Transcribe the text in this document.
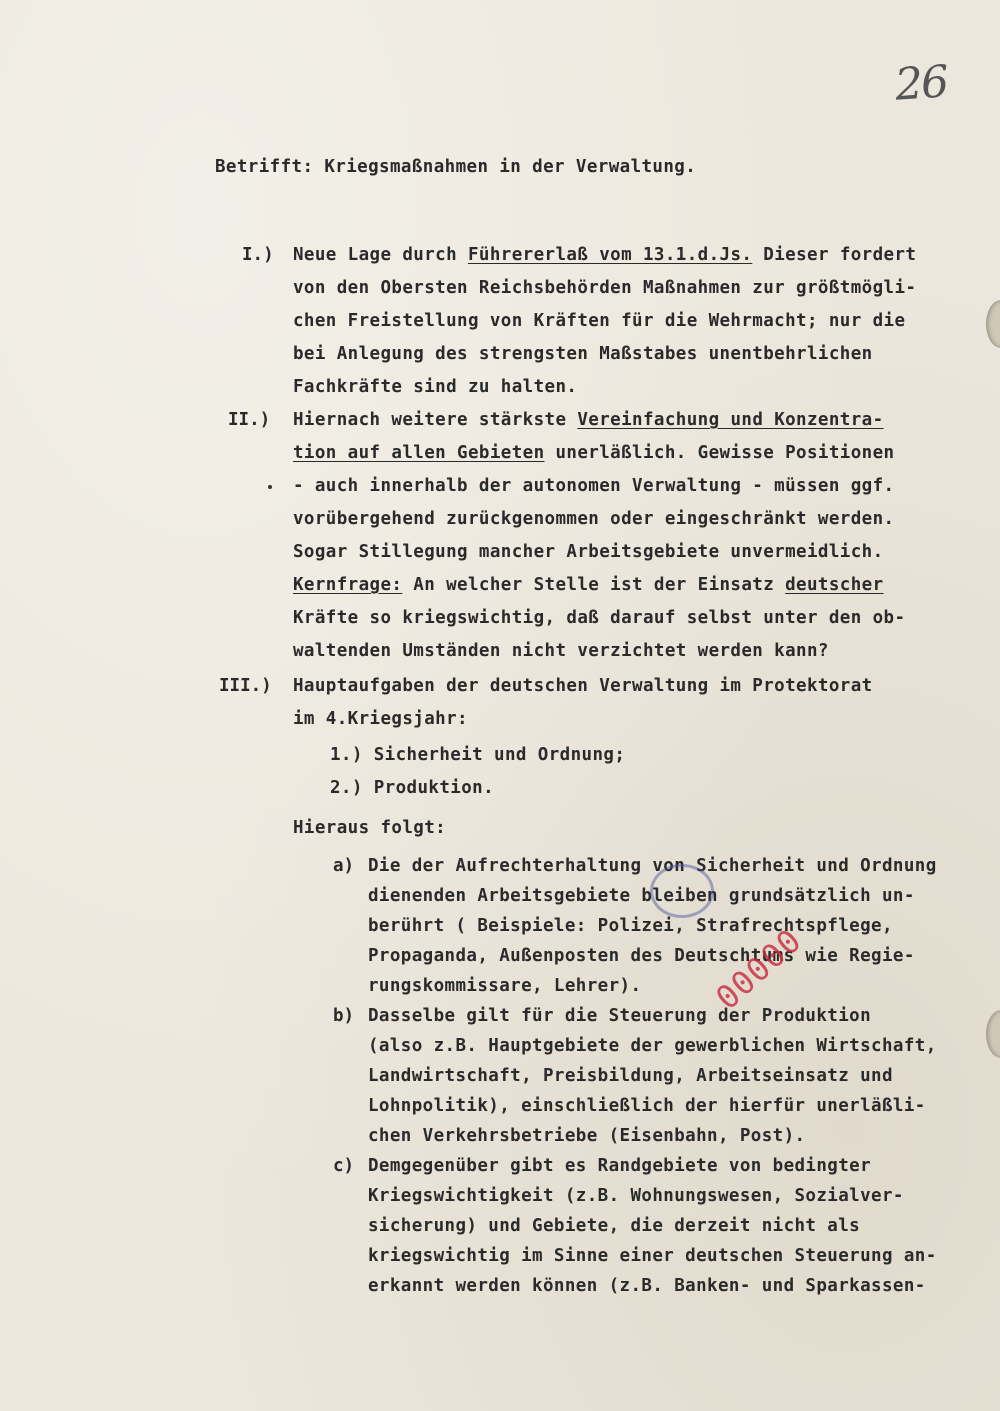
26
Betrifft: Kriegsmaßnahmen in der Verwaltung.
I.) Neue Lage durch Führererlaß vom 13.1.d.Js. Dieser fordert
von den Obersten Reichsbehörden Maßnahmen zur größtmögli-
chen Freistellung von Kräften für die Wehrmacht; nur die
bei Anlegung des strengsten Maßstabes unentbehrlichen
Fachkräfte sind zu halten.
II.) Hiernach weitere stärkste Vereinfachung und Konzentra-
tion auf allen Gebieten unerläßlich. Gewisse Positionen
- auch innerhalb der autonomen Verwaltung - müssen ggf.
vorübergehend zurückgenommen oder eingeschränkt werden.
Sogar Stillegung mancher Arbeitsgebiete unvermeidlich.
Kernfrage: An welcher Stelle ist der Einsatz deutscher
Kräfte so kriegswichtig, daß darauf selbst unter den ob-
waltenden Umständen nicht verzichtet werden kann?
III.) Hauptaufgaben der deutschen Verwaltung im Protektorat
im 4.Kriegsjahr:
1.) Sicherheit und Ordnung;
2.) Produktion.
Hieraus folgt:
a) Die der Aufrechterhaltung von Sicherheit und Ordnung
dienenden Arbeitsgebiete bleiben grundsätzlich un-
berührt ( Beispiele: Polizei, Strafrechtspflege,
Propaganda, Außenposten des Deutschtums wie Regie-
rungskommissare, Lehrer).
b) Dasselbe gilt für die Steuerung der Produktion
(also z.B. Hauptgebiete der gewerblichen Wirtschaft,
Landwirtschaft, Preisbildung, Arbeitseinsatz und
Lohnpolitik), einschließlich der hierfür unerläßli-
chen Verkehrsbetriebe (Eisenbahn, Post).
c) Demgegenüber gibt es Randgebiete von bedingter
Kriegswichtigkeit (z.B. Wohnungswesen, Sozialver-
sicherung) und Gebiete, die derzeit nicht als
kriegswichtig im Sinne einer deutschen Steuerung an-
erkannt werden können (z.B. Banken- und Sparkassen-
00000
